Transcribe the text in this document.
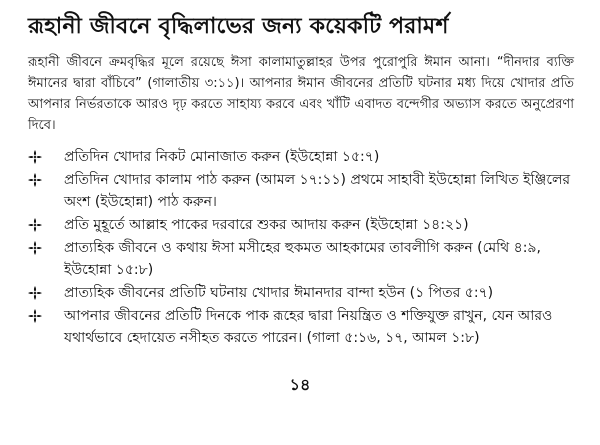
রূহানী জীবনে বৃদ্ধিলাভের জন্য কয়েকটি পরামর্শ

রূহানী জীবনে ক্রমবৃদ্ধির মূলে রয়েছে ঈসা কালামাতুল্লাহর উপর পুরোপুরি ঈমান আনা। “দীনদার ব্যক্তি ঈমানের দ্বারা বাঁচিবে” (গালাতীয় ৩:১১)। আপনার ঈমান জীবনের প্রতিটি ঘটনার মধ্য দিয়ে খোদার প্রতি আপনার নির্ভরতাকে আরও দৃঢ় করতে সাহায্য করবে এবং খাঁটি এবাদত বন্দেগীর অভ্যাস করতে অনুপ্রেরণা দিবে।

প্রতিদিন খোদার নিকট মোনাজাত করুন (ইউহোন্না ১৫:৭)
প্রতিদিন খোদার কালাম পাঠ করুন (আমল ১৭:১১) প্রথমে সাহাবী ইউহোন্না লিখিত ইঞ্জিলের অংশ (ইউহোন্না) পাঠ করুন।
প্রতি মুহূর্তে আল্লাহ পাকের দরবারে শুকর আদায় করুন (ইউহোন্না ১৪:২১)
প্রাত্যহিক জীবনে ও কথায় ঈসা মসীহের হুকমত আহকামের তাবলীগি করুন (মেথি ৪:৯, ইউহোন্না ১৫:৮)
প্রাত্যহিক জীবনের প্রতিটি ঘটনায় খোদার ঈমানদার বান্দা হউন (১ পিতর ৫:৭)
আপনার জীবনের প্রতিটি দিনকে পাক রূহের দ্বারা নিয়ন্ত্রিত ও শক্তিযুক্ত রাখুন, যেন আরও যথার্থভাবে হেদায়েত নসীহত করতে পারেন। (গালা ৫:১৬, ১৭, আমল ১:৮)
১৪
